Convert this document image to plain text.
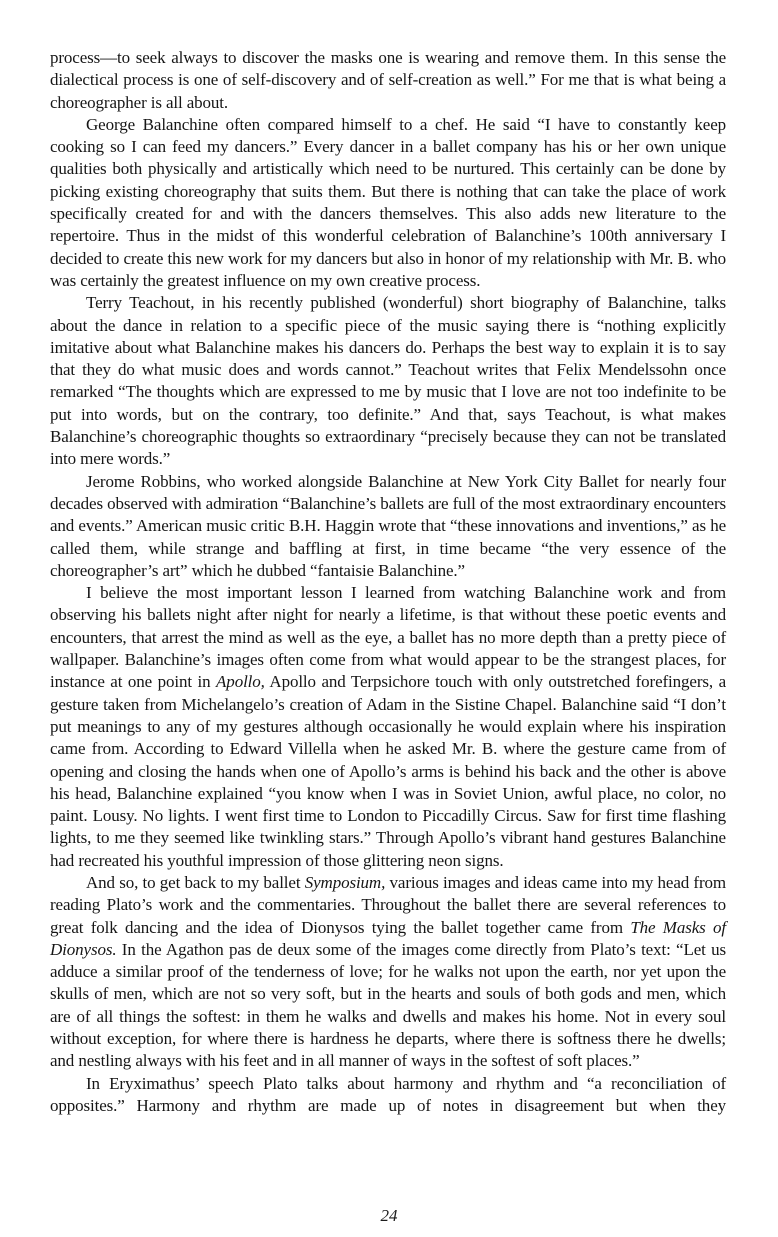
process—to seek always to discover the masks one is wearing and remove them. In this sense the dialectical process is one of self-discovery and of self-creation as well.” For me that is what being a choreographer is all about.

George Balanchine often compared himself to a chef. He said “I have to constantly keep cooking so I can feed my dancers.” Every dancer in a ballet company has his or her own unique qualities both physically and artistically which need to be nurtured. This certainly can be done by picking existing choreography that suits them. But there is nothing that can take the place of work specifically created for and with the dancers themselves. This also adds new literature to the repertoire. Thus in the midst of this wonderful celebration of Balanchine’s 100th anniversary I decided to create this new work for my dancers but also in honor of my relationship with Mr. B. who was certainly the greatest influence on my own creative process.

Terry Teachout, in his recently published (wonderful) short biography of Balanchine, talks about the dance in relation to a specific piece of the music saying there is “nothing explicitly imitative about what Balanchine makes his dancers do. Perhaps the best way to explain it is to say that they do what music does and words cannot.” Teachout writes that Felix Mendelssohn once remarked “The thoughts which are expressed to me by music that I love are not too indefinite to be put into words, but on the contrary, too definite.” And that, says Teachout, is what makes Balanchine’s choreographic thoughts so extraordinary “precisely because they can not be translated into mere words.”

Jerome Robbins, who worked alongside Balanchine at New York City Ballet for nearly four decades observed with admiration “Balanchine’s ballets are full of the most extraordinary encounters and events.” American music critic B.H. Haggin wrote that “these innovations and inventions,” as he called them, while strange and baffling at first, in time became “the very essence of the choreographer’s art” which he dubbed “fantaisie Balanchine.”

I believe the most important lesson I learned from watching Balanchine work and from observing his ballets night after night for nearly a lifetime, is that without these poetic events and encounters, that arrest the mind as well as the eye, a ballet has no more depth than a pretty piece of wallpaper. Balanchine’s images often come from what would appear to be the strangest places, for instance at one point in Apollo, Apollo and Terpsichore touch with only outstretched forefingers, a gesture taken from Michelangelo’s creation of Adam in the Sistine Chapel. Balanchine said “I don’t put meanings to any of my gestures although occasionally he would explain where his inspiration came from. According to Edward Villella when he asked Mr. B. where the gesture came from of opening and closing the hands when one of Apollo’s arms is behind his back and the other is above his head, Balanchine explained “you know when I was in Soviet Union, awful place, no color, no paint. Lousy. No lights. I went first time to London to Piccadilly Circus. Saw for first time flashing lights, to me they seemed like twinkling stars.” Through Apollo’s vibrant hand gestures Balanchine had recreated his youthful impression of those glittering neon signs.

And so, to get back to my ballet Symposium, various images and ideas came into my head from reading Plato’s work and the commentaries. Throughout the ballet there are several references to great folk dancing and the idea of Dionysos tying the ballet together came from The Masks of Dionysos. In the Agathon pas de deux some of the images come directly from Plato’s text: “Let us adduce a similar proof of the tenderness of love; for he walks not upon the earth, nor yet upon the skulls of men, which are not so very soft, but in the hearts and souls of both gods and men, which are of all things the softest: in them he walks and dwells and makes his home. Not in every soul without exception, for where there is hardness he departs, where there is softness there he dwells; and nestling always with his feet and in all manner of ways in the softest of soft places.”

In Eryximathus’ speech Plato talks about harmony and rhythm and “a reconciliation of opposites.” Harmony and rhythm are made up of notes in disagreement but when they

24
